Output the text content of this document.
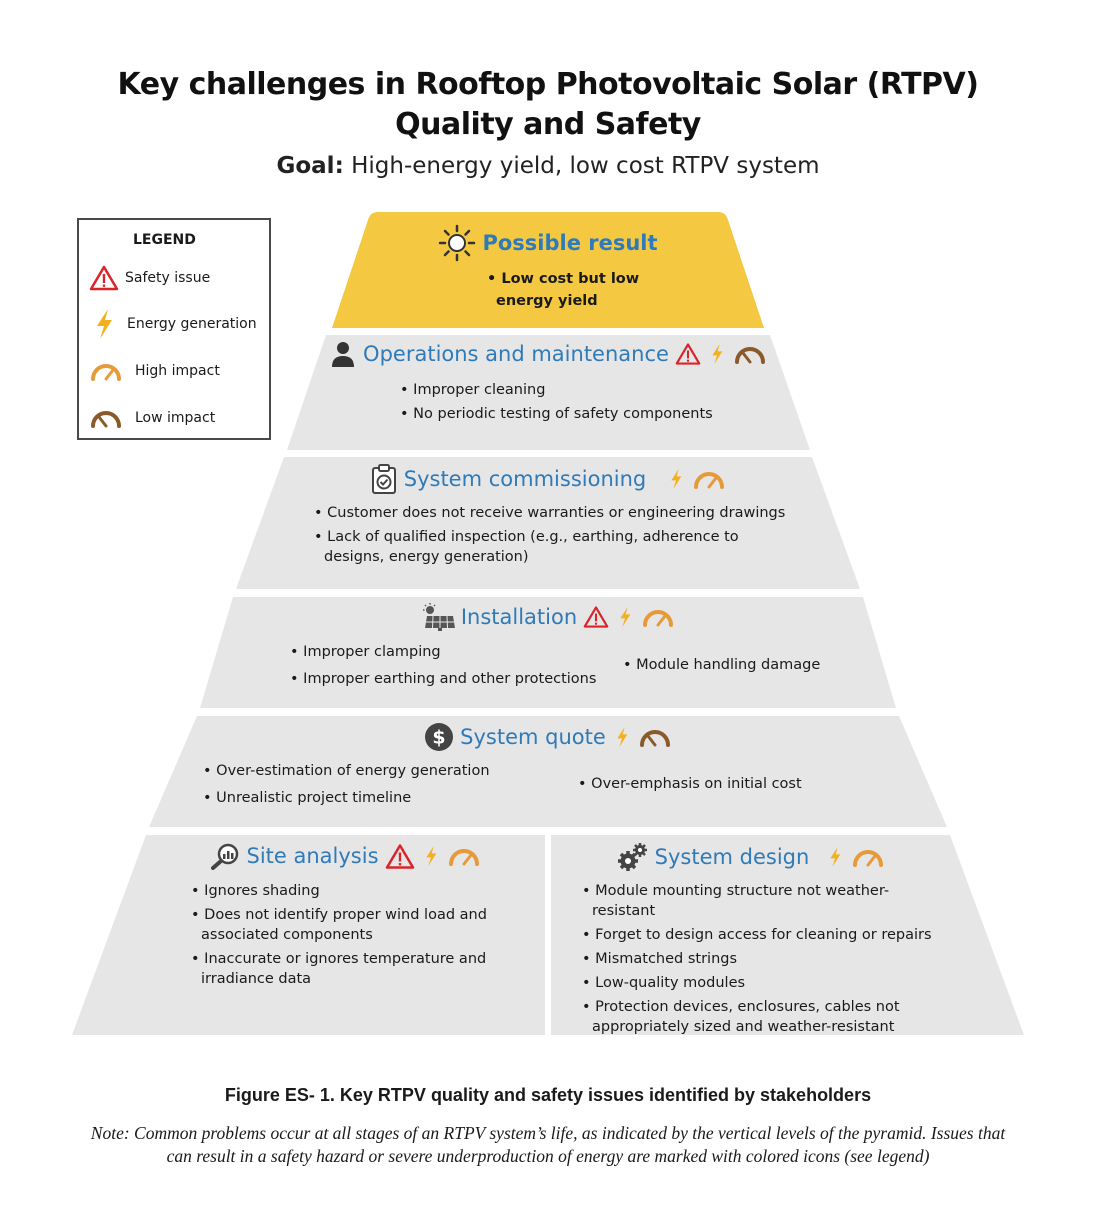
Key challenges in Rooftop Photovoltaic Solar (RTPV)
Quality and Safety
Goal: High-energy yield, low cost RTPV system
LEGEND
Safety issue
Energy generation
High impact
Low impact
Possible result
• Low cost but low
energy yield
Operations and maintenance
• Improper cleaning
• No periodic testing of safety components
System commissioning
• Customer does not receive warranties or engineering drawings
• Lack of qualified inspection (e.g., earthing, adherence to designs, energy generation)
Installation
• Improper clamping
• Improper earthing and other protections
• Module handling damage
$ System quote
• Over-estimation of energy generation
• Unrealistic project timeline
• Over-emphasis on initial cost
Site analysis
• Ignores shading
• Does not identify proper wind load and associated components
• Inaccurate or ignores temperature and irradiance data
System design
• Module mounting structure not weather-resistant
• Forget to design access for cleaning or repairs
• Mismatched strings
• Low-quality modules
• Protection devices, enclosures, cables not appropriately sized and weather-resistant
Figure ES- 1. Key RTPV quality and safety issues identified by stakeholders
Note: Common problems occur at all stages of an RTPV system’s life, as indicated by the vertical levels of the pyramid. Issues that can result in a safety hazard or severe underproduction of energy are marked with colored icons (see legend)
